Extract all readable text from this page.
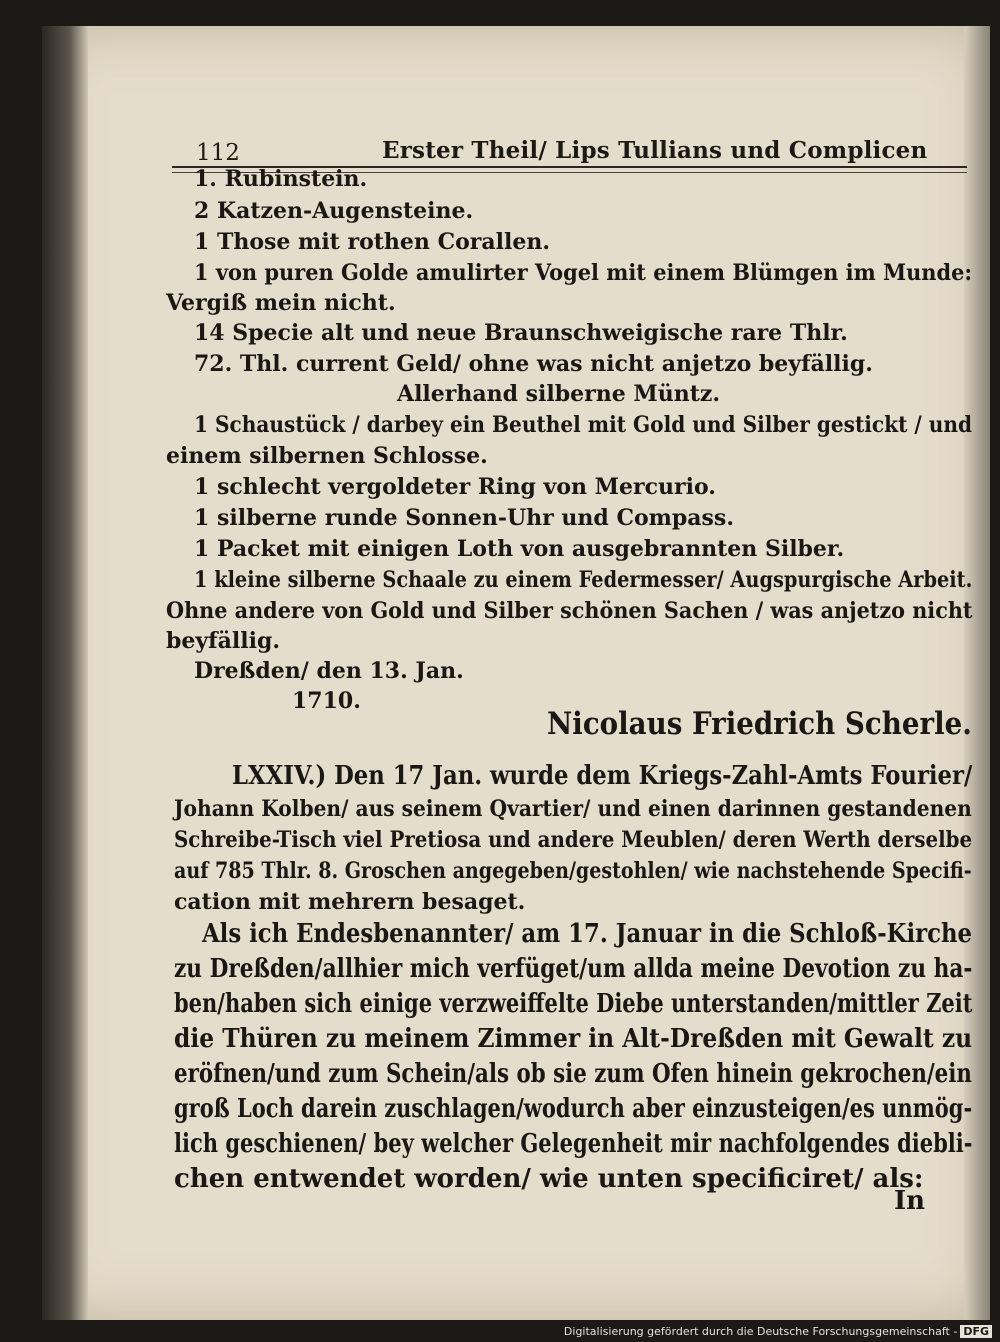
112	Erster Theil/ Lips Tullians und Complicen
1. Rubinstein.
2 Katzen-Augensteine.
1 Those mit rothen Corallen.
1 von puren Golde amulirter Vogel mit einem Blümgen im Munde:
Vergiß mein nicht.
14 Specie alt und neue Braunschweigische rare Thlr.
72. Thl. current Geld/ ohne was nicht anjetzo beyfällig.
Allerhand silberne Müntz.
1 Schaustück / darbey ein Beuthel mit Gold und Silber gestickt / und
einem silbernen Schlosse.
1 schlecht vergoldeter Ring von Mercurio.
1 silberne runde Sonnen-Uhr und Compass.
1 Packet mit einigen Loth von ausgebrannten Silber.
1 kleine silberne Schaale zu einem Federmesser/ Augspurgische Arbeit.
Ohne andere von Gold und Silber schönen Sachen / was anjetzo nicht
beyfällig.
Dreßden/ den 13. Jan.
1710.
Nicolaus Friedrich Scherle.
LXXIV.) Den 17 Jan. wurde dem Kriegs-Zahl-Amts Fourier/
Johann Kolben/ aus seinem Qvartier/ und einen darinnen gestandenen
Schreibe-Tisch viel Pretiosa und andere Meublen/ deren Werth derselbe
auf 785 Thlr. 8. Groschen angegeben/gestohlen/ wie nachstehende Specifi-
cation mit mehrern besaget.
Als ich Endesbenannter/ am 17. Januar in die Schloß-Kirche
zu Dreßden/allhier mich verfüget/um allda meine Devotion zu ha-
ben/haben sich einige verzweiffelte Diebe unterstanden/mittler Zeit
die Thüren zu meinem Zimmer in Alt-Dreßden mit Gewalt zu
eröfnen/und zum Schein/als ob sie zum Ofen hinein gekrochen/ein
groß Loch darein zuschlagen/wodurch aber einzusteigen/es unmög-
lich geschienen/ bey welcher Gelegenheit mir nachfolgendes diebli-
chen entwendet worden/ wie unten specificiret/ als:
In
Digitalisierung gefördert durch die Deutsche Forschungsgemeinschaft - DFG
